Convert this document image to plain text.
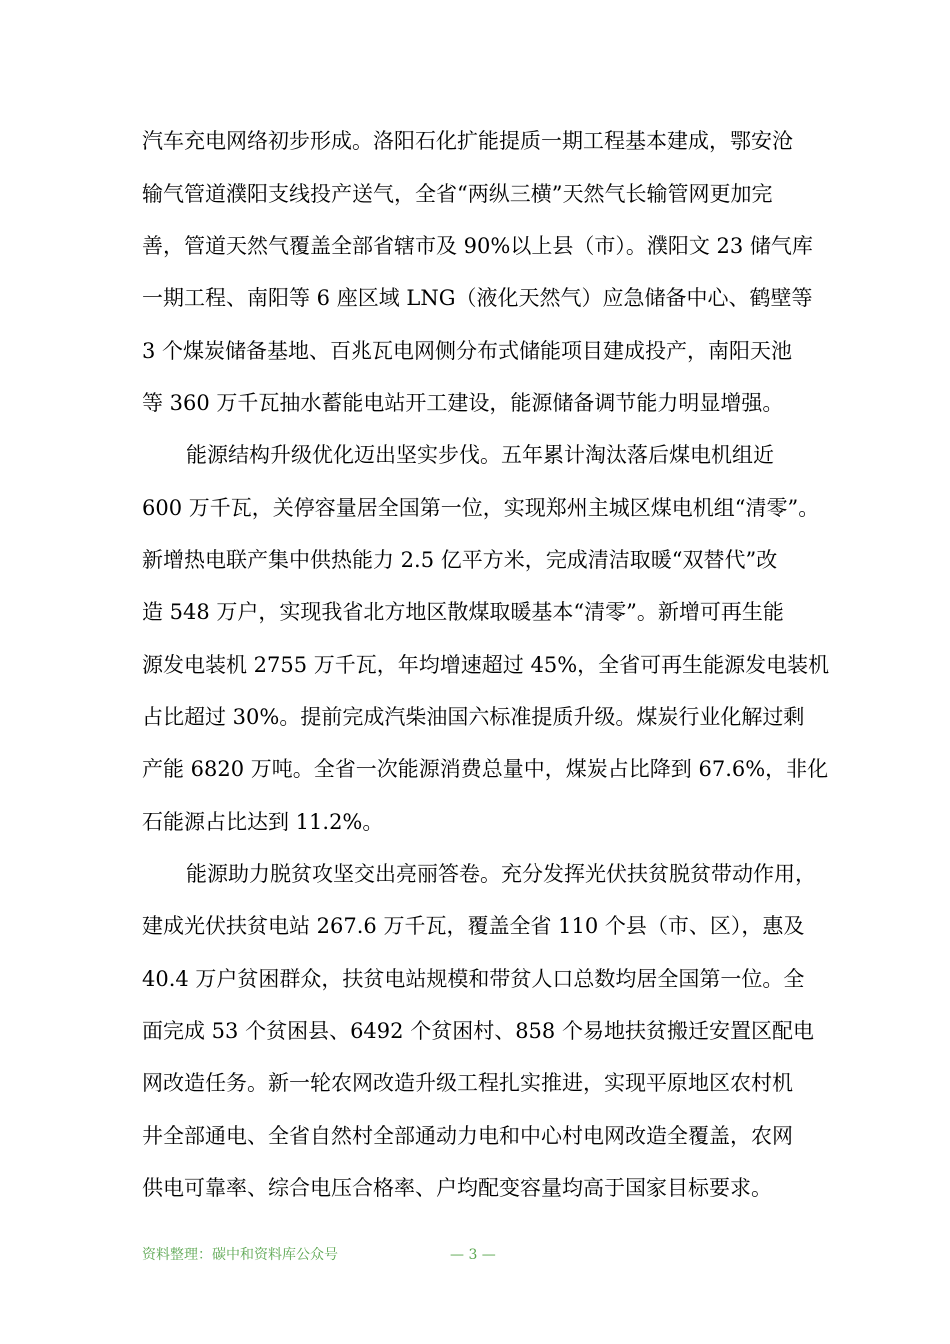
汽车充电网络初步形成。洛阳石化扩能提质一期工程基本建成，鄂安沧

输气管道濮阳支线投产送气，全省“两纵三横”天然气长输管网更加完

善，管道天然气覆盖全部省辖市及 90%以上县（市）。濮阳文 23 储气库

一期工程、南阳等 6 座区域 LNG（液化天然气）应急储备中心、鹤壁等

3 个煤炭储备基地、百兆瓦电网侧分布式储能项目建成投产，南阳天池

等 360 万千瓦抽水蓄能电站开工建设，能源储备调节能力明显增强。

能源结构升级优化迈出坚实步伐。五年累计淘汰落后煤电机组近

600 万千瓦，关停容量居全国第一位，实现郑州主城区煤电机组“清零”。

新增热电联产集中供热能力 2.5 亿平方米，完成清洁取暖“双替代”改

造 548 万户，实现我省北方地区散煤取暖基本“清零”。新增可再生能

源发电装机 2755 万千瓦，年均增速超过 45%，全省可再生能源发电装机

占比超过 30%。提前完成汽柴油国六标准提质升级。煤炭行业化解过剩

产能 6820 万吨。全省一次能源消费总量中，煤炭占比降到 67.6%，非化

石能源占比达到 11.2%。

能源助力脱贫攻坚交出亮丽答卷。充分发挥光伏扶贫脱贫带动作用，

建成光伏扶贫电站 267.6 万千瓦，覆盖全省 110 个县（市、区），惠及

40.4 万户贫困群众，扶贫电站规模和带贫人口总数均居全国第一位。全

面完成 53 个贫困县、6492 个贫困村、858 个易地扶贫搬迁安置区配电

网改造任务。新一轮农网改造升级工程扎实推进，实现平原地区农村机

井全部通电、全省自然村全部通动力电和中心村电网改造全覆盖，农网

供电可靠率、综合电压合格率、户均配变容量均高于国家目标要求。

资料整理：碳中和资料库公众号	— 3 —
